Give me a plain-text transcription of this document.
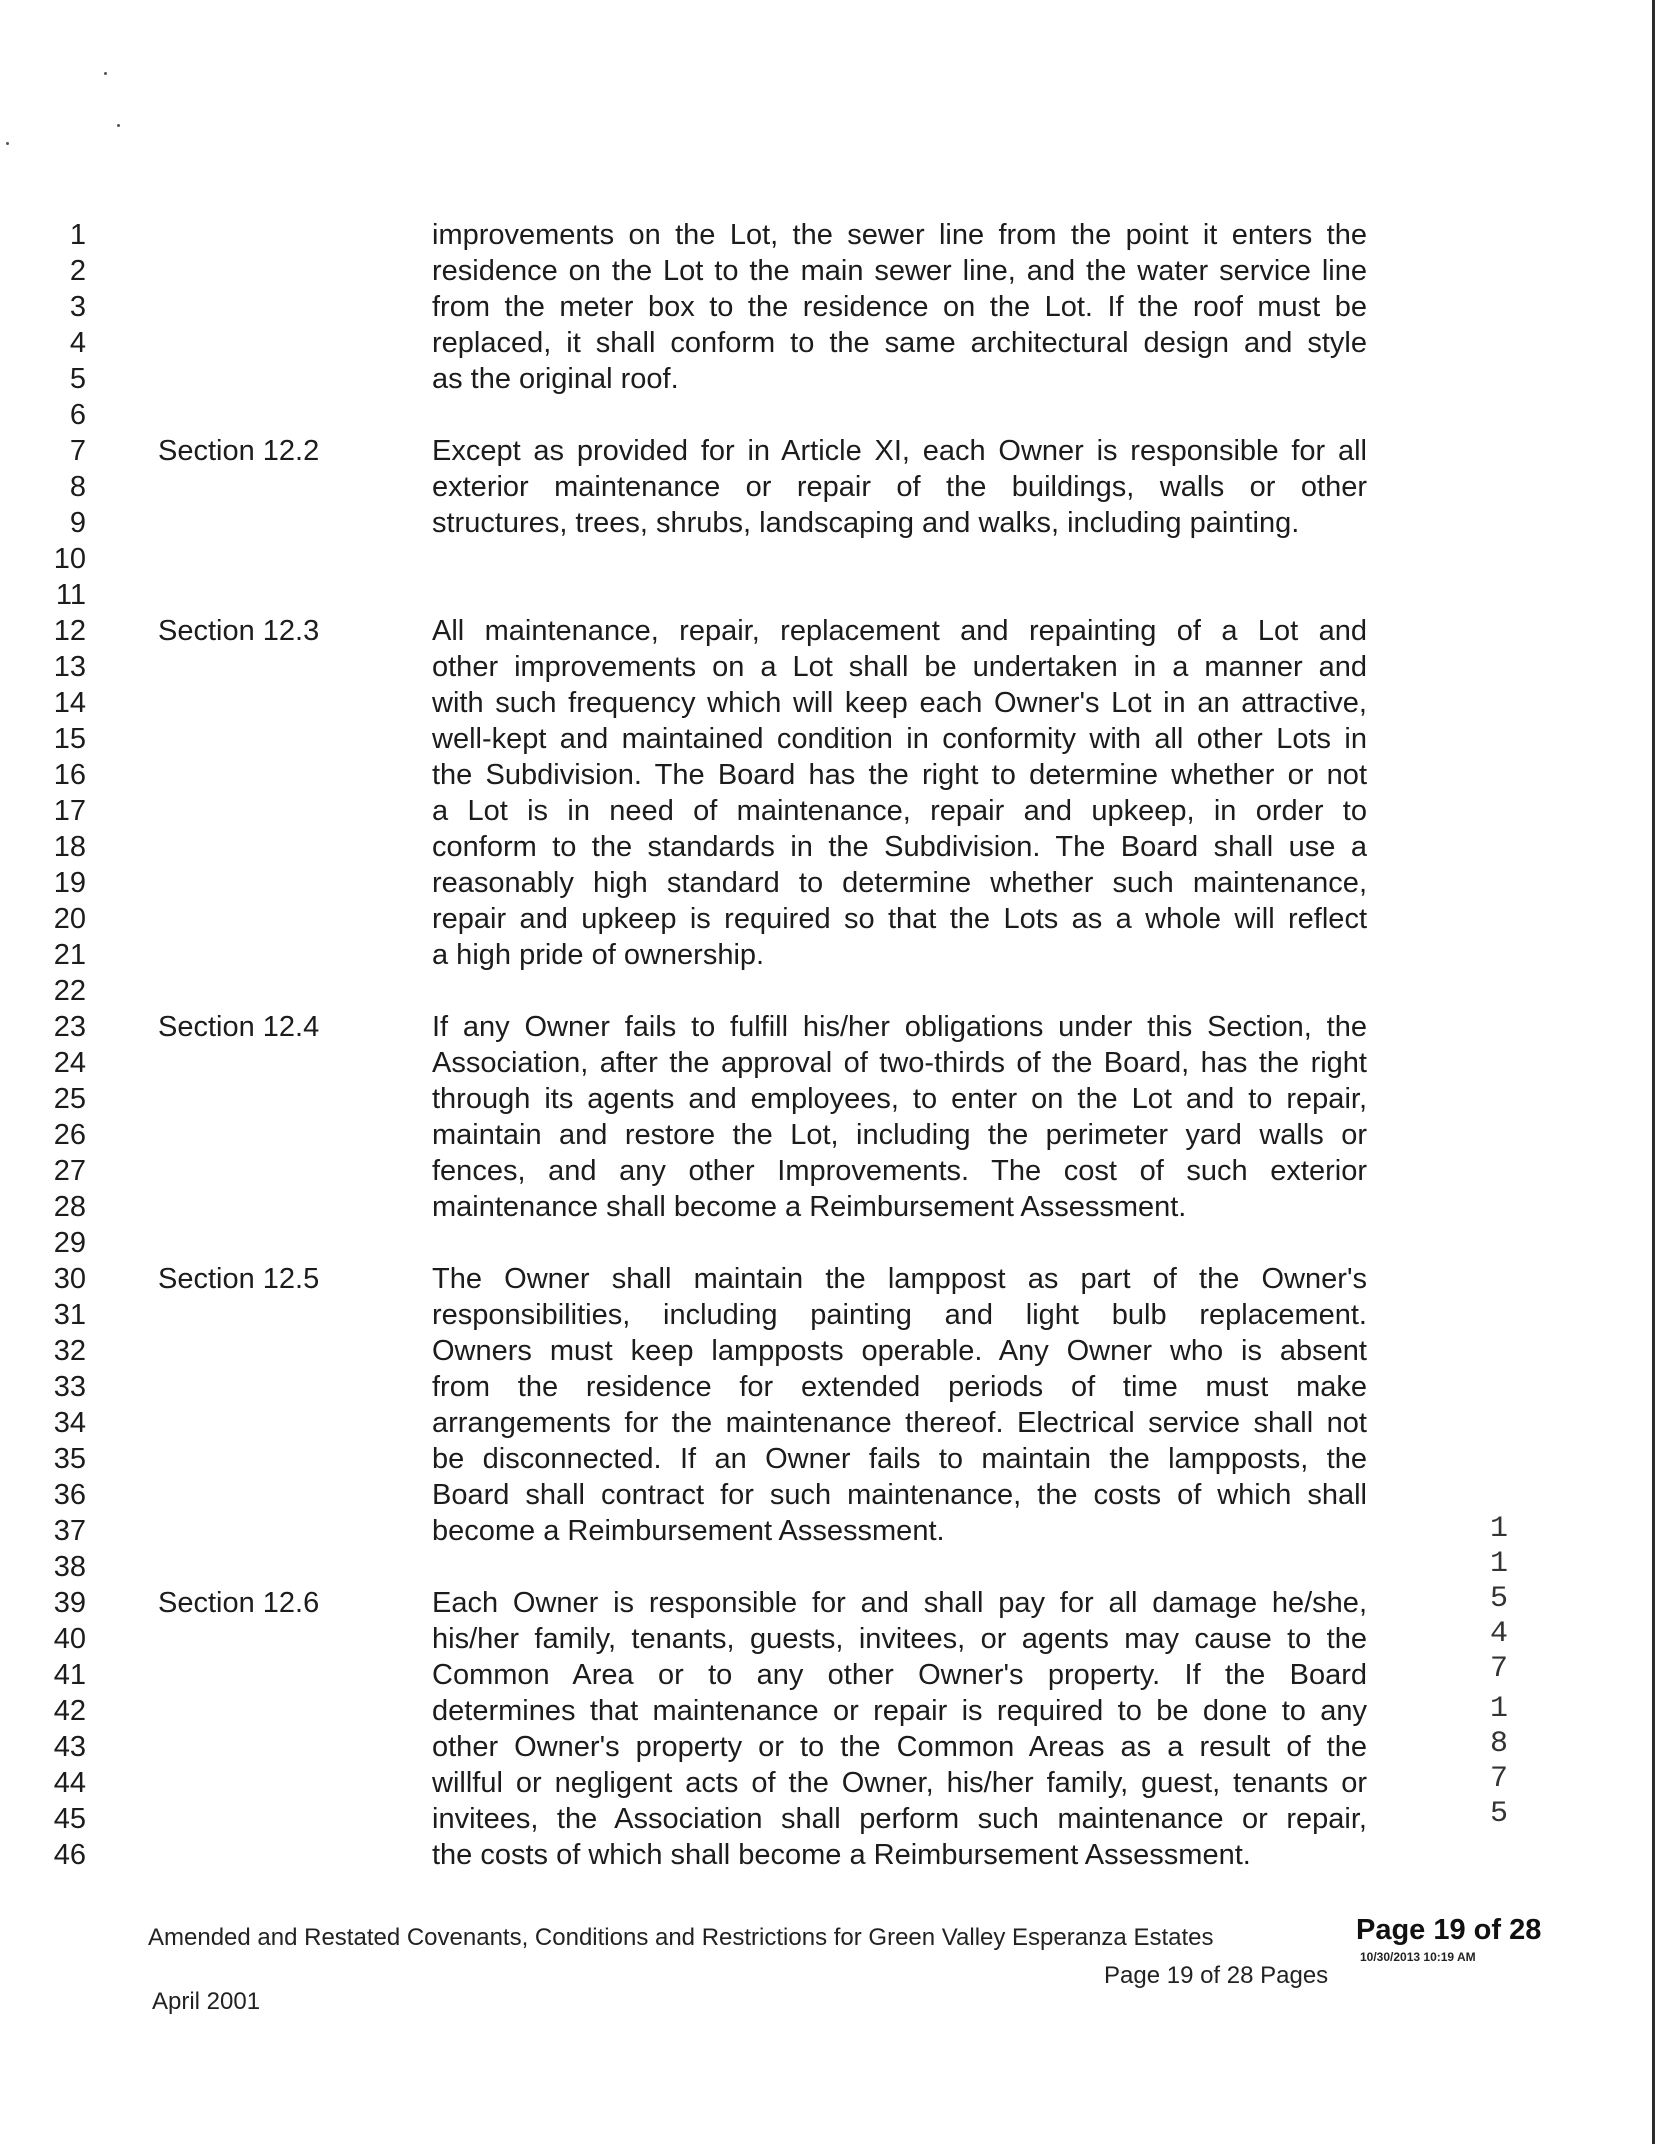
1
2
3
4
5
6
7
8
9
10
11
12
13
14
15
16
17
18
19
20
21
22
23
24
25
26
27
28
29
30
31
32
33
34
35
36
37
38
39
40
41
42
43
44
45
46
Section 12.2
Section 12.3
Section 12.4
Section 12.5
Section 12.6
improvements on the Lot, the sewer line from the point it enters the
residence on the Lot to the main sewer line, and the water service line
from the meter box to the residence on the Lot. If the roof must be
replaced, it shall conform to the same architectural design and style
as the original roof.
Except as provided for in Article XI, each Owner is responsible for all
exterior maintenance or repair of the buildings, walls or other
structures, trees, shrubs, landscaping and walks, including painting.
All maintenance, repair, replacement and repainting of a Lot and
other improvements on a Lot shall be undertaken in a manner and
with such frequency which will keep each Owner's Lot in an attractive,
well-kept and maintained condition in conformity with all other Lots in
the Subdivision. The Board has the right to determine whether or not
a Lot is in need of maintenance, repair and upkeep, in order to
conform to the standards in the Subdivision. The Board shall use a
reasonably high standard to determine whether such maintenance,
repair and upkeep is required so that the Lots as a whole will reflect
a high pride of ownership.
If any Owner fails to fulfill his/her obligations under this Section, the
Association, after the approval of two-thirds of the Board, has the right
through its agents and employees, to enter on the Lot and to repair,
maintain and restore the Lot, including the perimeter yard walls or
fences, and any other Improvements. The cost of such exterior
maintenance shall become a Reimbursement Assessment.
The Owner shall maintain the lamppost as part of the Owner's
responsibilities, including painting and light bulb replacement.
Owners must keep lampposts operable. Any Owner who is absent
from the residence for extended periods of time must make
arrangements for the maintenance thereof. Electrical service shall not
be disconnected. If an Owner fails to maintain the lampposts, the
Board shall contract for such maintenance, the costs of which shall
become a Reimbursement Assessment.
Each Owner is responsible for and shall pay for all damage he/she,
his/her family, tenants, guests, invitees, or agents may cause to the
Common Area or to any other Owner's property. If the Board
determines that maintenance or repair is required to be done to any
other Owner's property or to the Common Areas as a result of the
willful or negligent acts of the Owner, his/her family, guest, tenants or
invitees, the Association shall perform such maintenance or repair,
the costs of which shall become a Reimbursement Assessment.
1
1
5
4
7
1
8
7
5
Amended and Restated Covenants, Conditions and Restrictions for Green Valley Esperanza Estates	Page 19 of 28
10/30/2013 10:19 AM
Page 19 of 28 Pages
April 2001
